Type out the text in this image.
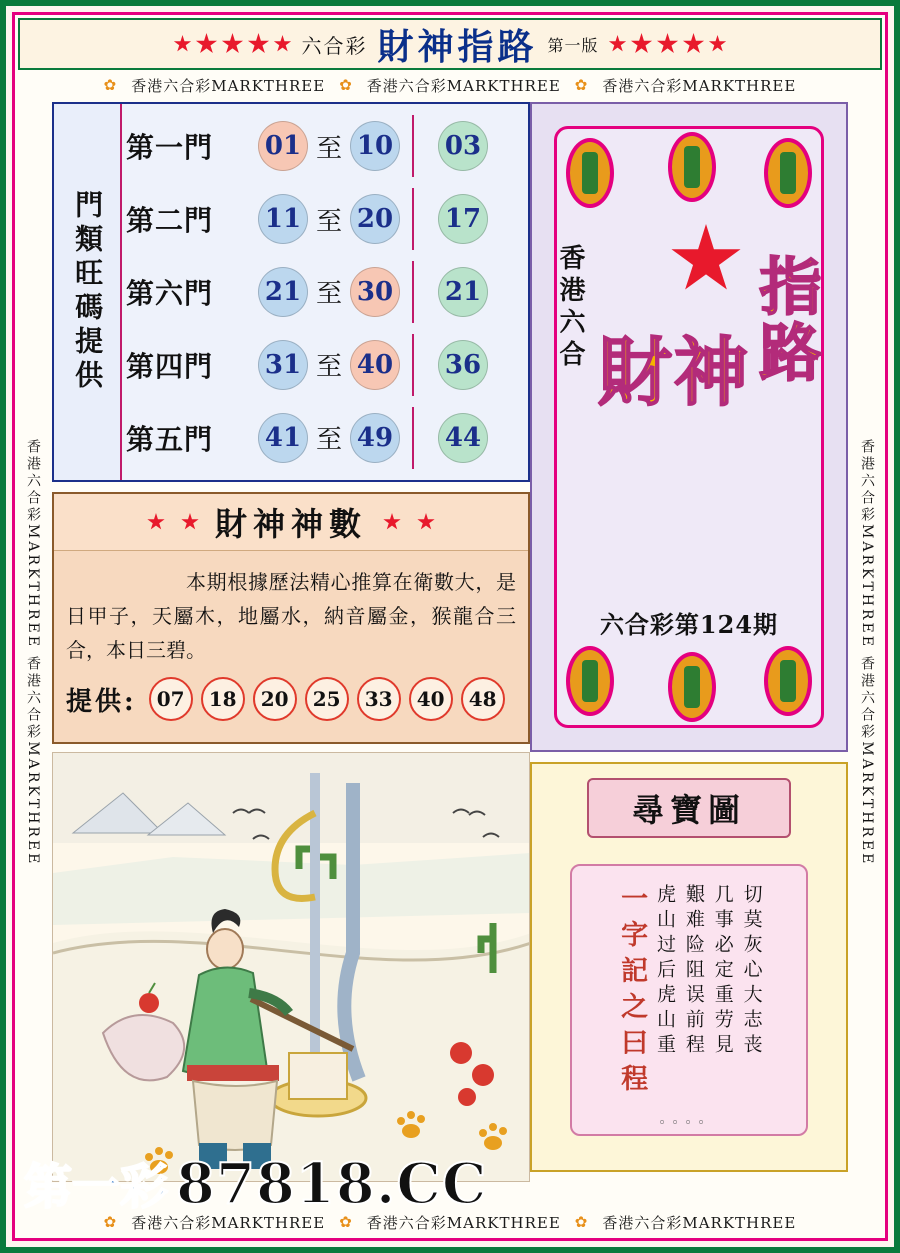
六合彩 財神指路 第一版
✿ 香港六合彩MARKTHREE ✿ 香港六合彩MARKTHREE ✿ 香港六合彩MARKTHREE
香港六合彩MARKTHREE 香港六合彩MARKTHREE	香港六合彩MARKTHREE 香港六合彩MARKTHREE
✿ 香港六合彩MARKTHREE ✿ 香港六合彩MARKTHREE ✿ 香港六合彩MARKTHREE
門類旺碼提供
第一門	01 至 10 03
第二門	11 至 20 17
第六門	21 至 30 21
第四門	31 至 40 36
第五門	41 至 49 44
財神神數
本期根據歷法精心推算在衛數大，是日甲子，天屬木，地屬水，納音屬金，猴龍合三合，本日三碧。
提供:	07	18	20	25	33	40	48
香港六合
財神 指路
六合彩第124期
尋寶圖
切莫灰心大志丧
几事必定重劳見
艱难险阻误前程
虎山过后虎山重
一字記之曰程
。。。。
第一彩 87818.CC
